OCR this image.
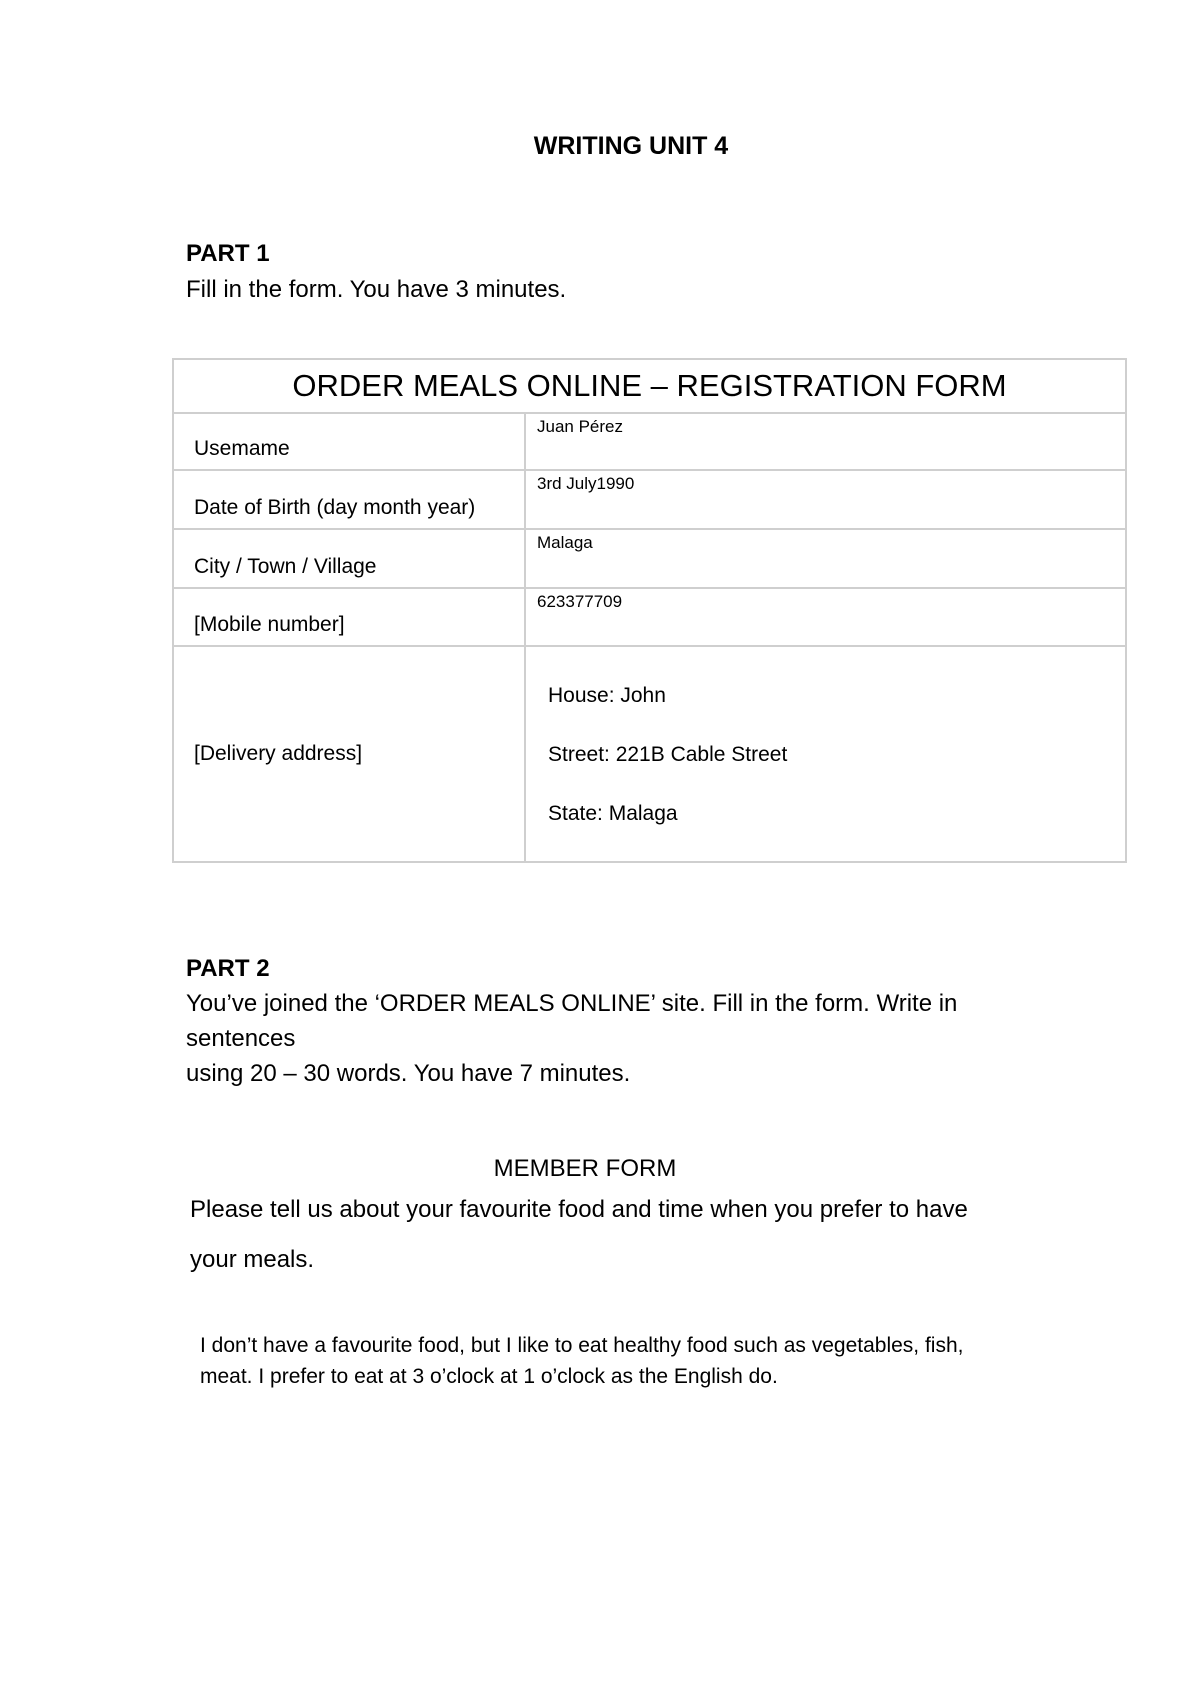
WRITING UNIT 4
PART 1
Fill in the form. You have 3 minutes.
ORDER MEALS ONLINE – REGISTRATION FORM	

Usemame	Juan Pérez

Date of Birth (day month year)	3rd July1990

City / Town / Village	Malaga

[Mobile number]	623377709
[Delivery address]	House: John
Street: 221B Cable Street
State: Malaga
PART 2
You’ve joined the ‘ORDER MEALS ONLINE’ site. Fill in the form. Write in
sentences
using 20 – 30 words. You have 7 minutes.
MEMBER FORM
Please tell us about your favourite food and time when you prefer to have
your meals.
I don’t have a favourite food, but I like to eat healthy food such as vegetables, fish,
meat. I prefer to eat at 3 o’clock at 1 o’clock as the English do.
